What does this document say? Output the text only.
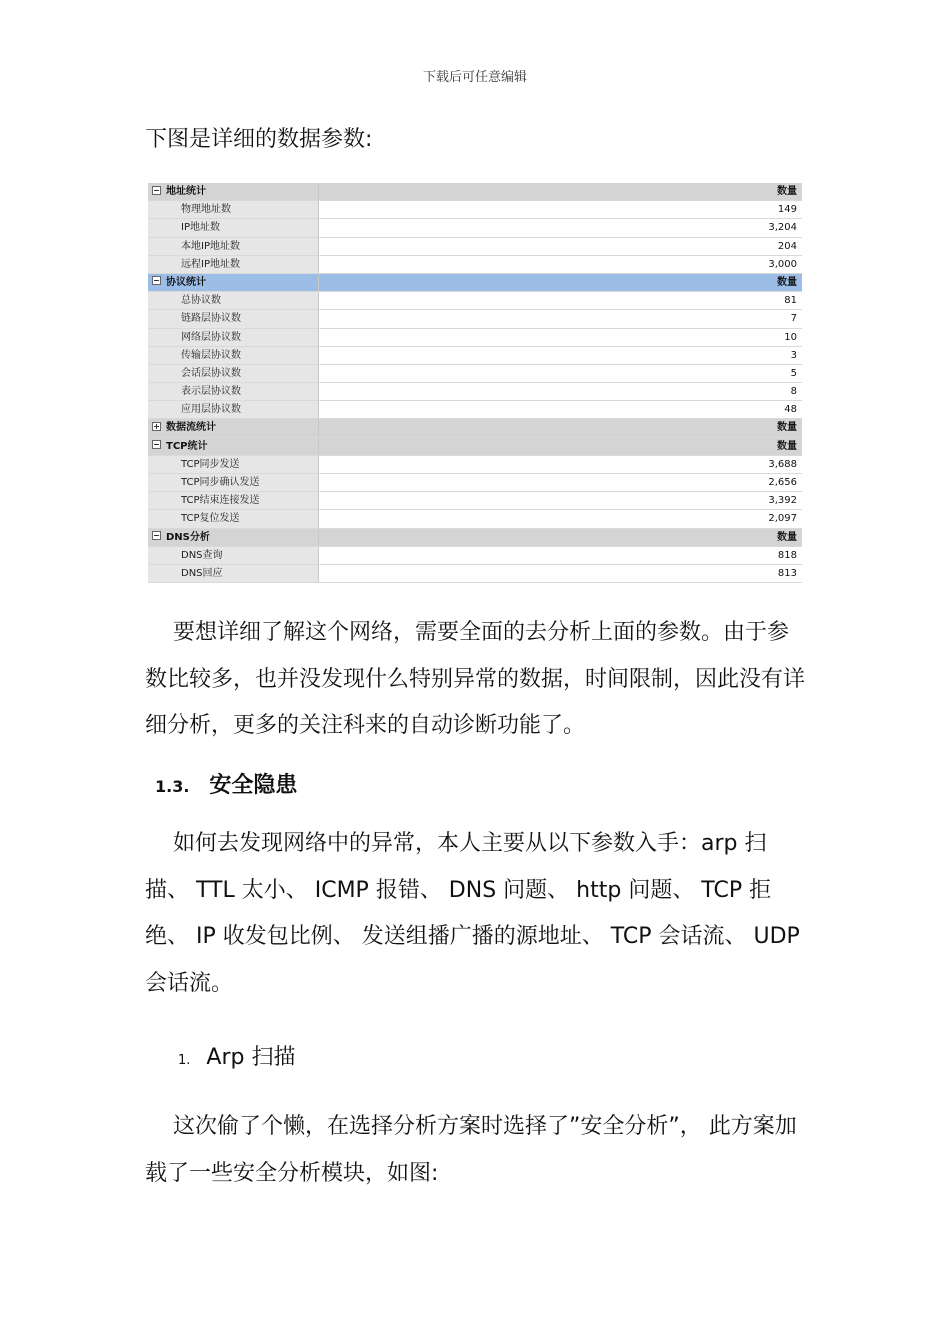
下载后可任意编辑
下图是详细的数据参数:
地址统计	数量
物理地址数	149
IP地址数	3,204
本地IP地址数	204
远程IP地址数	3,000
协议统计	数量
总协议数	81
链路层协议数	7
网络层协议数	10
传输层协议数	3
会话层协议数	5
表示层协议数	8
应用层协议数	48
数据流统计	数量
TCP统计	数量
TCP同步发送	3,688
TCP同步确认发送	2,656
TCP结束连接发送	3,392
TCP复位发送	2,097
DNS分析	数量
DNS查询	818
DNS回应	813

要想详细了解这个网络，需要全面的去分析上面的参数。由于参数比较多，也并没发现什么特别异常的数据，时间限制，因此没有详细分析，更多的关注科来的自动诊断功能了。

1.3. 安全隐患

如何去发现网络中的异常，本人主要从以下参数入手：arp 扫描、 TTL 太小、 ICMP 报错、 DNS 问题、 http 问题、 TCP 拒绝、 IP 收发包比例、 发送组播广播的源地址、 TCP 会话流、 UDP 会话流。

1. Arp 扫描

这次偷了个懒，在选择分析方案时选择了”安全分析”， 此方案加载了一些安全分析模块，如图:
